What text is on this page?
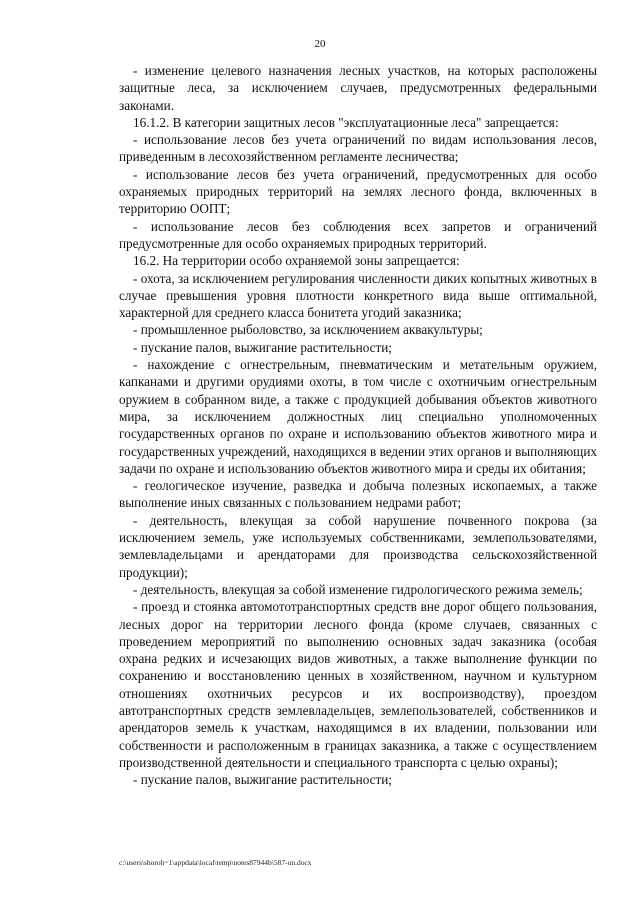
20

- изменение целевого назначения лесных участков, на которых расположены защитные леса, за исключением случаев, предусмотренных федеральными законами.

16.1.2. В категории защитных лесов "эксплуатационные леса" запрещается:

- использование лесов без учета ограничений по видам использования лесов, приведенным в лесохозяйственном регламенте лесничества;

- использование лесов без учета ограничений, предусмотренных для особо охраняемых природных территорий на землях лесного фонда, включенных в территорию ООПТ;

- использование лесов без соблюдения всех запретов и ограничений предусмотренные для особо охраняемых природных территорий.

16.2. На территории особо охраняемой зоны запрещается:

- охота, за исключением регулирования численности диких копытных животных в случае превышения уровня плотности конкретного вида выше оптимальной, характерной для среднего класса бонитета угодий заказника;

- промышленное рыболовство, за исключением аквакультуры;

- пускание палов, выжигание растительности;

- нахождение с огнестрельным, пневматическим и метательным оружием, капканами и другими орудиями охоты, в том числе с охотничьим огнестрельным оружием в собранном виде, а также с продукцией добывания объектов животного мира, за исключением должностных лиц специально уполномоченных государственных органов по охране и использованию объектов животного мира и государственных учреждений, находящихся в ведении этих органов и выполняющих задачи по охране и использованию объектов животного мира и среды их обитания;

- геологическое изучение, разведка и добыча полезных ископаемых, а также выполнение иных связанных с пользованием недрами работ;

- деятельность, влекущая за собой нарушение почвенного покрова (за исключением земель, уже используемых собственниками, землепользователями, землевладельцами и арендаторами для производства сельскохозяйственной продукции);

- деятельность, влекущая за собой изменение гидрологического режима земель;

- проезд и стоянка автомототранспортных средств вне дорог общего пользования, лесных дорог на территории лесного фонда (кроме случаев, связанных с проведением мероприятий по выполнению основных задач заказника (особая охрана редких и исчезающих видов животных, а также выполнение функции по сохранению и восстановлению ценных в хозяйственном, научном и культурном отношениях охотничьих ресурсов и их воспроизводству), проездом автотранспортных средств землевладельцев, землепользователей, собственников и арендаторов земель к участкам, находящимся в их владении, пользовании или собственности и расположенным в границах заказника, а также с осуществлением производственной деятельности и специального транспорта с целью охраны);

- пускание палов, выжигание растительности;

c:\users\shoroh~1\appdata\local\temp\notes87944b\587-un.docx
